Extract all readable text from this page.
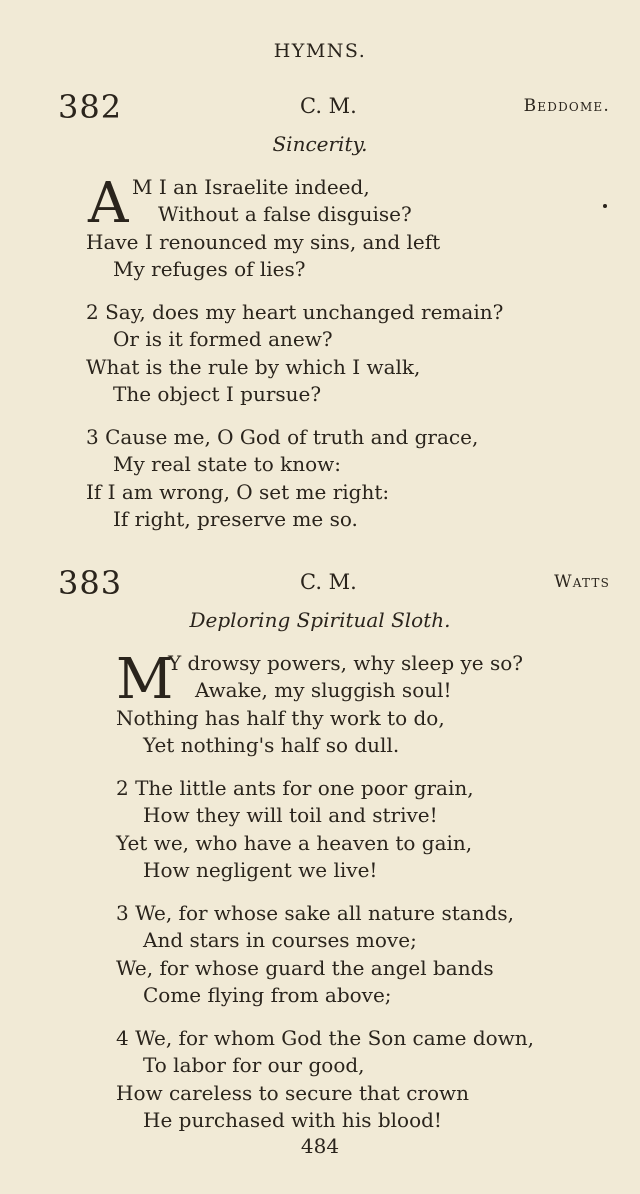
HYMNS.
382	C. M.	Beddome.
Sincerity.
A M I an Israelite indeed,
Without a false disguise?
Have I renounced my sins, and left
My refuges of lies?
2 Say, does my heart unchanged remain?
Or is it formed anew?
What is the rule by which I walk,
The object I pursue?
3 Cause me, O God of truth and grace,
My real state to know:
If I am wrong, O set me right:
If right, preserve me so.
383	C. M.	Watts
Deploring Spiritual Sloth.
M
Y drowsy powers, why sleep ye so?
Awake, my sluggish soul!
Nothing has half thy work to do,
Yet nothing's half so dull.
2 The little ants for one poor grain,
How they will toil and strive!
Yet we, who have a heaven to gain,
How negligent we live!
3 We, for whose sake all nature stands,
And stars in courses move;
We, for whose guard the angel bands
Come flying from above;
4 We, for whom God the Son came down,
To labor for our good,
How careless to secure that crown
He purchased with his blood!
484
